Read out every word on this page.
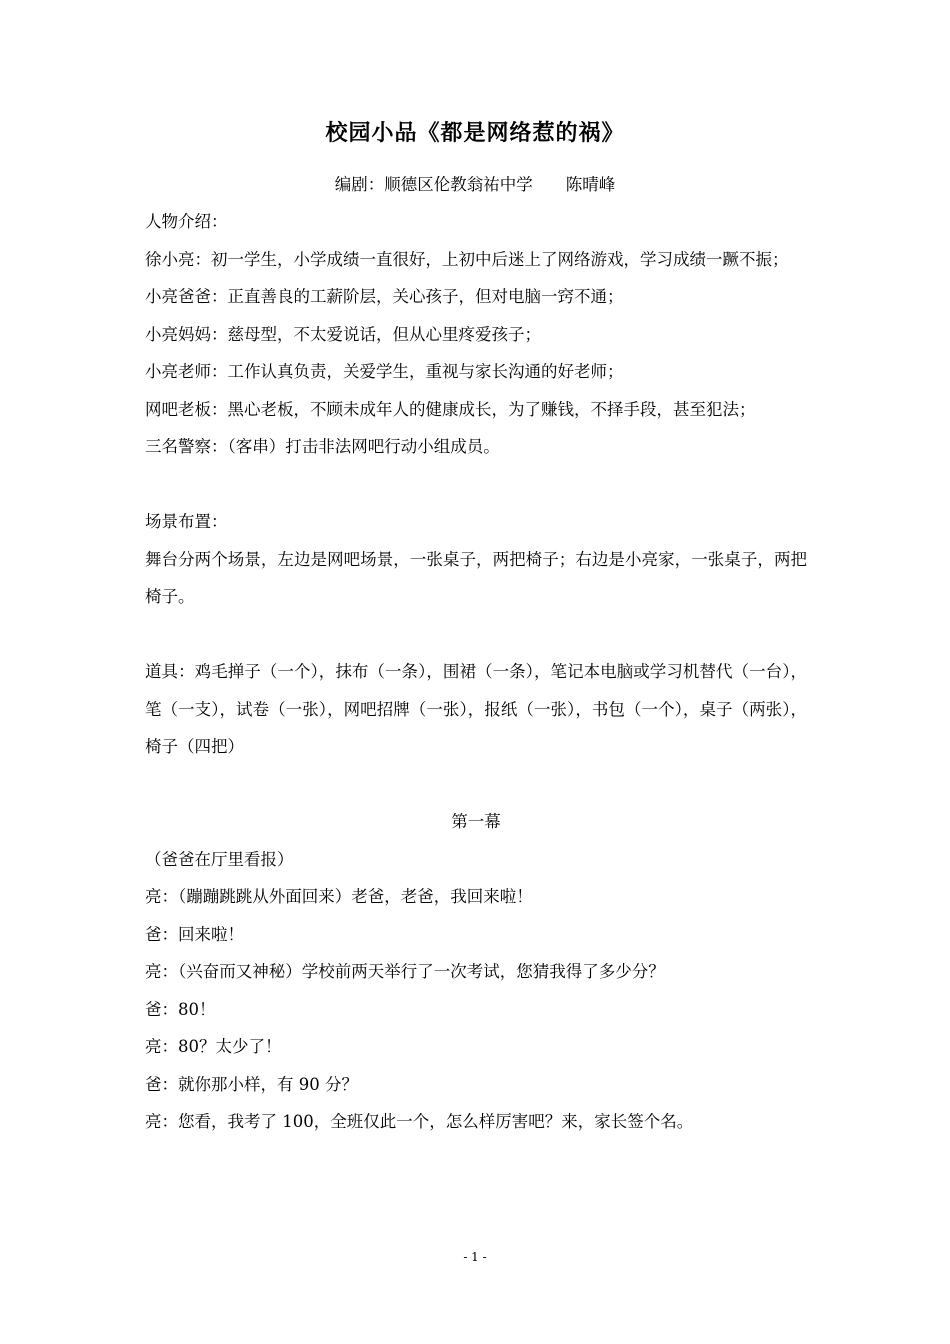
校园小品《都是网络惹的祸》
编剧：顺德区伦教翁祐中学　　陈晴峰

人物介绍：

徐小亮：初一学生，小学成绩一直很好，上初中后迷上了网络游戏，学习成绩一蹶不振；

小亮爸爸：正直善良的工薪阶层，关心孩子，但对电脑一窍不通；

小亮妈妈：慈母型，不太爱说话，但从心里疼爱孩子；

小亮老师：工作认真负责，关爱学生，重视与家长沟通的好老师；

网吧老板：黑心老板，不顾未成年人的健康成长，为了赚钱，不择手段，甚至犯法；

三名警察：（客串）打击非法网吧行动小组成员。

场景布置：

舞台分两个场景，左边是网吧场景，一张桌子，两把椅子；右边是小亮家，一张桌子，两把椅子。

道具：鸡毛掸子（一个），抹布（一条），围裙（一条），笔记本电脑或学习机替代（一台），笔（一支），试卷（一张），网吧招牌（一张），报纸（一张），书包（一个），桌子（两张），椅子（四把）

第一幕

（爸爸在厅里看报）

亮：（蹦蹦跳跳从外面回来）老爸，老爸，我回来啦！

爸：回来啦！

亮：（兴奋而又神秘）学校前两天举行了一次考试，您猜我得了多少分？

爸：80！

亮：80？太少了！

爸：就你那小样，有 90 分？

亮：您看，我考了 100，全班仅此一个，怎么样厉害吧？来，家长签个名。

- 1 -
